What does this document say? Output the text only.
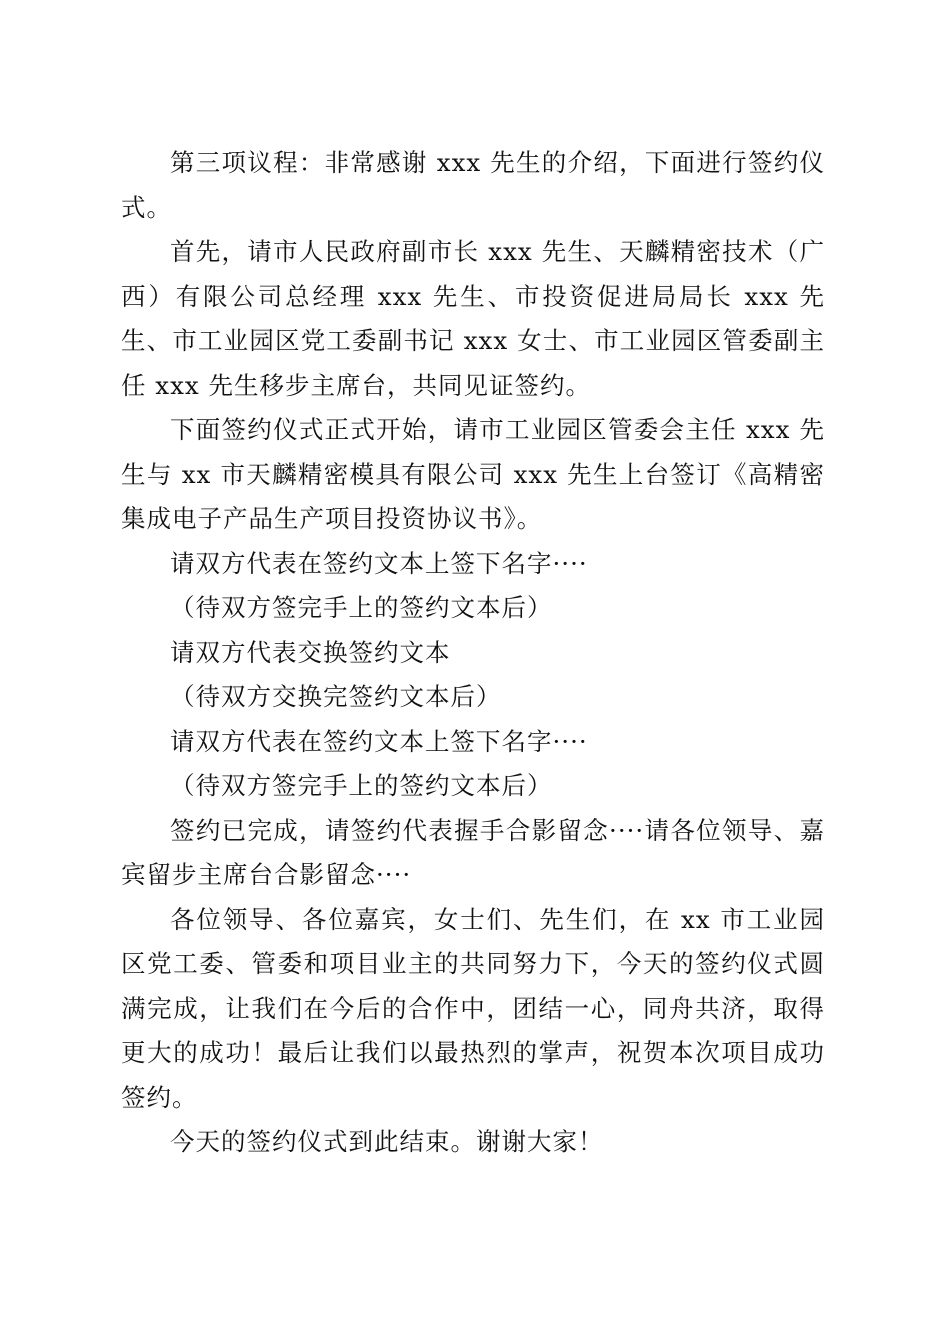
第三项议程：非常感谢 xxx 先生的介绍，下面进行签约仪式。

首先，请市人民政府副市长 xxx 先生、天麟精密技术（广西）有限公司总经理 xxx 先生、市投资促进局局长 xxx 先生、市工业园区党工委副书记 xxx 女士、市工业园区管委副主任 xxx 先生移步主席台，共同见证签约。

下面签约仪式正式开始，请市工业园区管委会主任 xxx 先生与 xx 市天麟精密模具有限公司 xxx 先生上台签订《高精密集成电子产品生产项目投资协议书》。

请双方代表在签约文本上签下名字····

（待双方签完手上的签约文本后）

请双方代表交换签约文本

（待双方交换完签约文本后）

请双方代表在签约文本上签下名字····

（待双方签完手上的签约文本后）

签约已完成，请签约代表握手合影留念····请各位领导、嘉宾留步主席台合影留念····

各位领导、各位嘉宾，女士们、先生们，在 xx 市工业园区党工委、管委和项目业主的共同努力下，今天的签约仪式圆满完成，让我们在今后的合作中，团结一心，同舟共济，取得更大的成功！最后让我们以最热烈的掌声，祝贺本次项目成功签约。

今天的签约仪式到此结束。谢谢大家！
